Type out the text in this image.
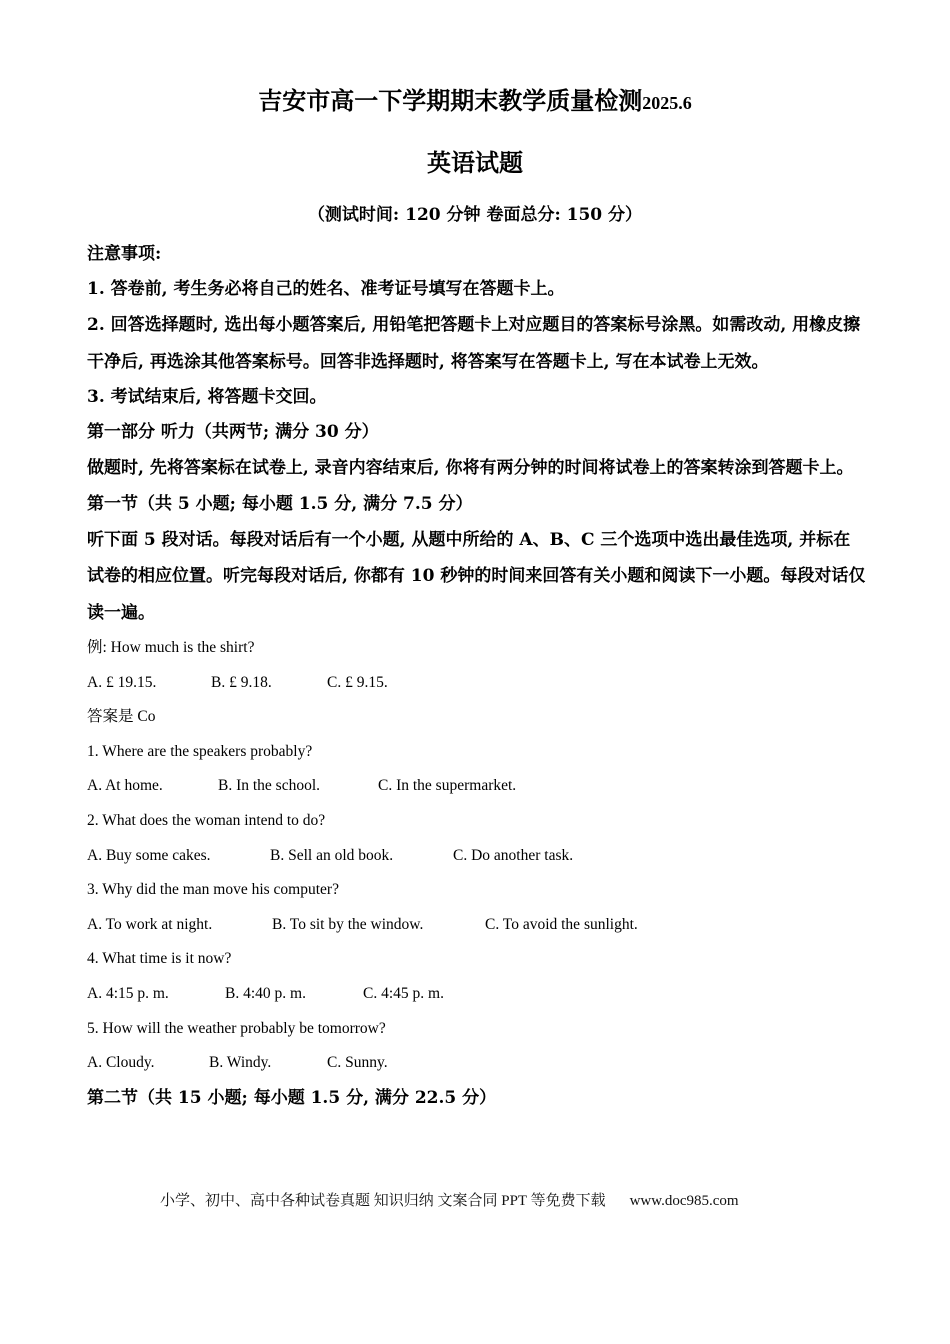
吉安市高一下学期期末教学质量检测2025.6
英语试题
（测试时间: 120 分钟 卷面总分: 150 分）

注意事项:

1. 答卷前, 考生务必将自己的姓名、准考证号填写在答题卡上。

2. 回答选择题时, 选出每小题答案后, 用铅笔把答题卡上对应题目的答案标号涂黑。如需改动, 用橡皮擦干净后, 再选涂其他答案标号。回答非选择题时, 将答案写在答题卡上, 写在本试卷上无效。

3. 考试结束后, 将答题卡交回。

第一部分 听力（共两节; 满分 30 分）

做题时, 先将答案标在试卷上, 录音内容结束后, 你将有两分钟的时间将试卷上的答案转涂到答题卡上。

第一节（共 5 小题; 每小题 1.5 分, 满分 7.5 分）

听下面 5 段对话。每段对话后有一个小题, 从题中所给的 A、B、C 三个选项中选出最佳选项, 并标在试卷的相应位置。听完每段对话后, 你都有 10 秒钟的时间来回答有关小题和阅读下一小题。每段对话仅读一遍。

例: How much is the shirt?

A. £ 19.15.	B. £ 9.18.	C. £ 9.15.

答案是 Co

1. Where are the speakers probably?

A. At home.	B. In the school.	C. In the supermarket.

2. What does the woman intend to do?

A. Buy some cakes.	B. Sell an old book.	C. Do another task.

3. Why did the man move his computer?

A. To work at night.	B. To sit by the window.	C. To avoid the sunlight.

4. What time is it now?

A. 4:15 p. m.	B. 4:40 p. m.	C. 4:45 p. m.

5. How will the weather probably be tomorrow?

A. Cloudy.	B. Windy.	C. Sunny.

第二节（共 15 小题; 每小题 1.5 分, 满分 22.5 分）

小学、初中、高中各种试卷真题 知识归纳 文案合同 PPT 等免费下载 www.doc985.com
